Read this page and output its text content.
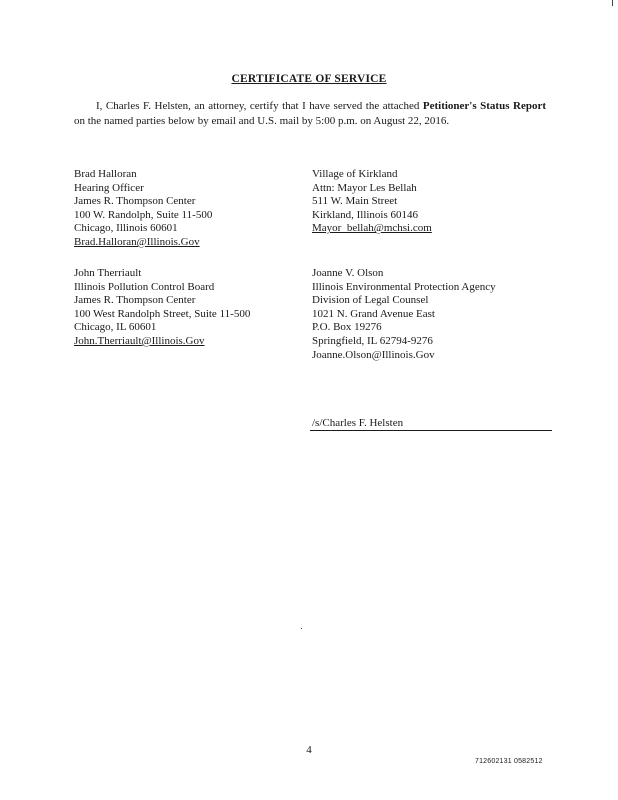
CERTIFICATE OF SERVICE

I, Charles F. Helsten, an attorney, certify that I have served the attached Petitioner's Status Report on the named parties below by email and U.S. mail by 5:00 p.m. on August 22, 2016.

Brad Halloran
Hearing Officer
James R. Thompson Center
100 W. Randolph, Suite 11-500
Chicago, Illinois 60601
Brad.Halloran@Illinois.Gov
Village of Kirkland
Attn: Mayor Les Bellah
511 W. Main Street
Kirkland, Illinois 60146
Mayor_bellah@mchsi.com
John Therriault
Illinois Pollution Control Board
James R. Thompson Center
100 West Randolph Street, Suite 11-500
Chicago, IL 60601
John.Therriault@Illinois.Gov
Joanne V. Olson
Illinois Environmental Protection Agency
Division of Legal Counsel
1021 N. Grand Avenue East
P.O. Box 19276
Springfield, IL 62794-9276
Joanne.Olson@Illinois.Gov
/s/Charles F. Helsten
4
712602131 0582512
